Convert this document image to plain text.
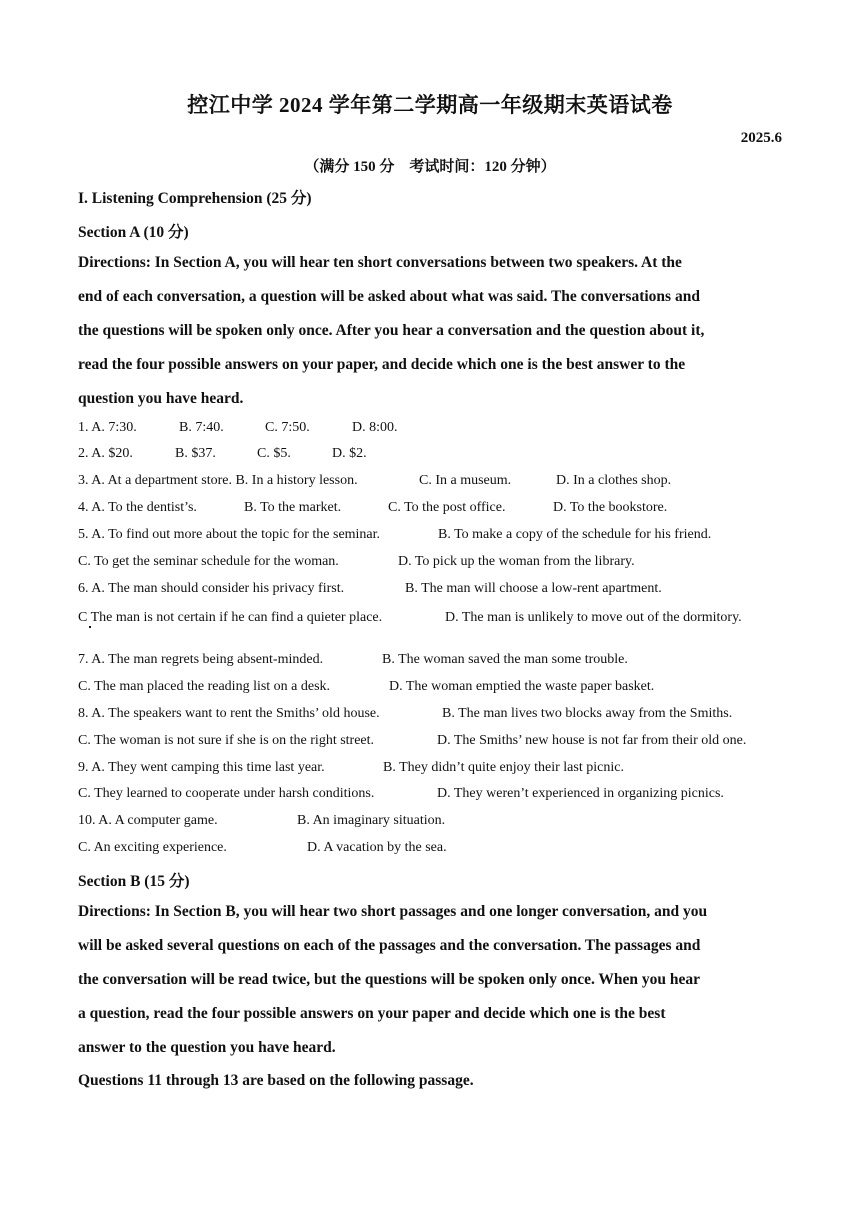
控江中学 2024 学年第二学期高一年级期末英语试卷
2025.6
（满分 150 分　考试时间：120 分钟）
I. Listening Comprehension (25 分)
Section A (10 分)
Directions: In Section A, you will hear ten short conversations between two speakers. At the
end of each conversation, a question will be asked about what was said. The conversations and
the questions will be spoken only once. After you hear a conversation and the question about it,
read the four possible answers on your paper, and decide which one is the best answer to the
question you have heard.
1. A. 7:30.	B. 7:40.	C. 7:50.	D. 8:00.
2. A. $20.	B. $37.	C. $5.	D. $2.
3. A. At a department store. B. In a history lesson.	C. In a museum.	D. In a clothes shop.
4. A. To the dentist’s.	B. To the market.	C. To the post office.	D. To the bookstore.
5. A. To find out more about the topic for the seminar.	B. To make a copy of the schedule for his friend.
C. To get the seminar schedule for the woman.	D. To pick up the woman from the library.
6. A. The man should consider his privacy first.	B. The man will choose a low-rent apartment.
C The man is not certain if he can find a quieter place.	D. The man is unlikely to move out of the dormitory.
7. A. The man regrets being absent-minded.	B. The woman saved the man some trouble.
C. The man placed the reading list on a desk.	D. The woman emptied the waste paper basket.
8. A. The speakers want to rent the Smiths’ old house.	B. The man lives two blocks away from the Smiths.
C. The woman is not sure if she is on the right street.	D. The Smiths’ new house is not far from their old one.
9. A. They went camping this time last year.	B. They didn’t quite enjoy their last picnic.
C. They learned to cooperate under harsh conditions.	D. They weren’t experienced in organizing picnics.
10. A. A computer game.	B. An imaginary situation.
C. An exciting experience.	D. A vacation by the sea.
Section B (15 分)
Directions: In Section B, you will hear two short passages and one longer conversation, and you
will be asked several questions on each of the passages and the conversation. The passages and
the conversation will be read twice, but the questions will be spoken only once. When you hear
a question, read the four possible answers on your paper and decide which one is the best
answer to the question you have heard.
Questions 11 through 13 are based on the following passage.
